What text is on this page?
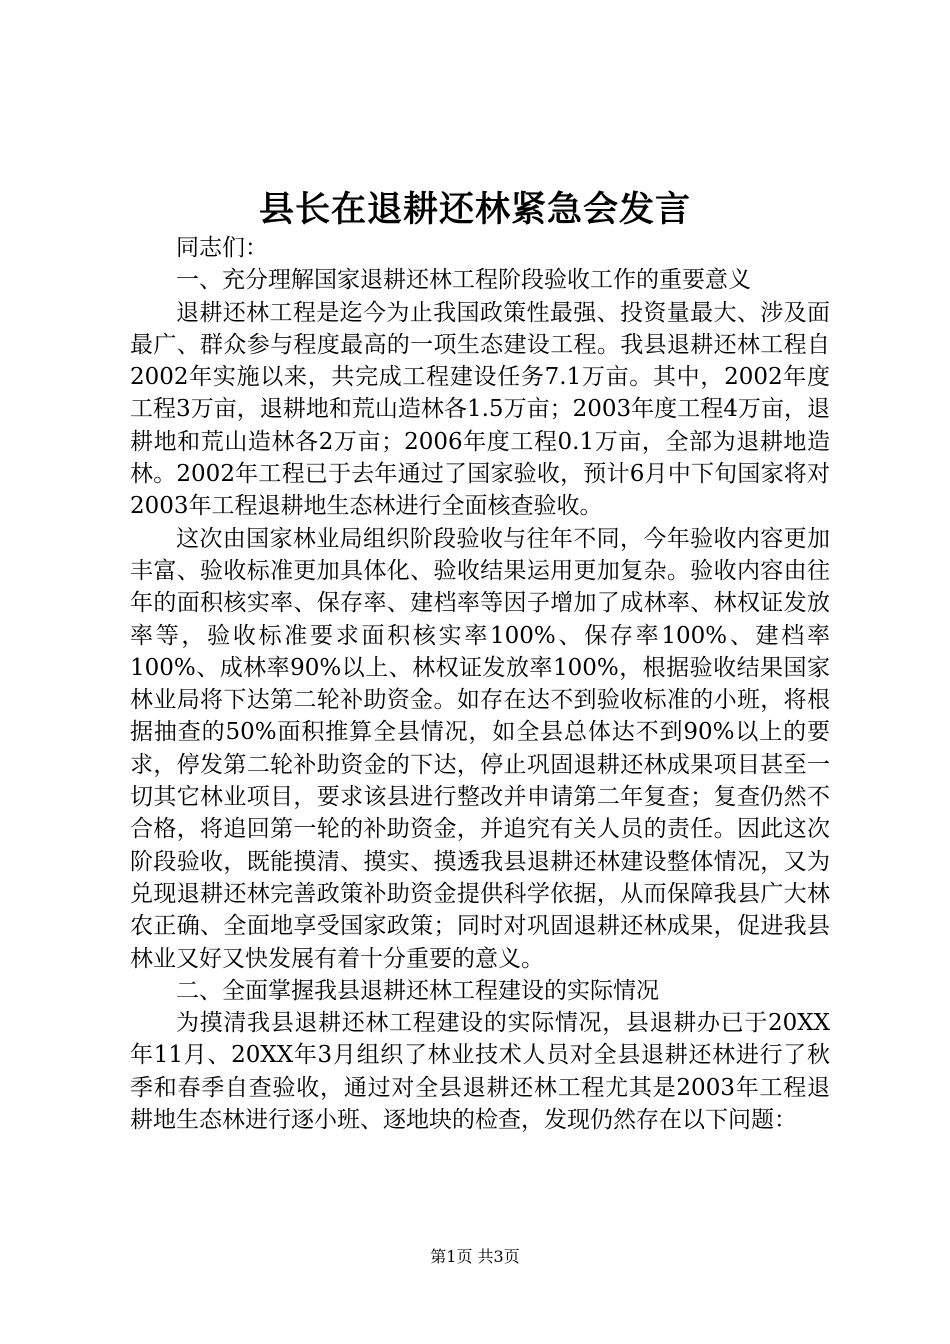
县长在退耕还林紧急会发言

同志们：

一、充分理解国家退耕还林工程阶段验收工作的重要意义

退耕还林工程是迄今为止我国政策性最强、投资量最大、涉及面最广、群众参与程度最高的一项生态建设工程。我县退耕还林工程自2002年实施以来，共完成工程建设任务7.1万亩。其中，2002年度工程3万亩，退耕地和荒山造林各1.5万亩；2003年度工程4万亩，退耕地和荒山造林各2万亩；2006年度工程0.1万亩，全部为退耕地造林。2002年工程已于去年通过了国家验收，预计6月中下旬国家将对2003年工程退耕地生态林进行全面核查验收。

这次由国家林业局组织阶段验收与往年不同，今年验收内容更加丰富、验收标准更加具体化、验收结果运用更加复杂。验收内容由往年的面积核实率、保存率、建档率等因子增加了成林率、林权证发放率等，验收标准要求面积核实率100%、保存率100%、建档率100%、成林率90%以上、林权证发放率100%，根据验收结果国家林业局将下达第二轮补助资金。如存在达不到验收标准的小班，将根据抽查的50%面积推算全县情况，如全县总体达不到90%以上的要求，停发第二轮补助资金的下达，停止巩固退耕还林成果项目甚至一切其它林业项目，要求该县进行整改并申请第二年复查；复查仍然不合格，将追回第一轮的补助资金，并追究有关人员的责任。因此这次阶段验收，既能摸清、摸实、摸透我县退耕还林建设整体情况，又为兑现退耕还林完善政策补助资金提供科学依据，从而保障我县广大林农正确、全面地享受国家政策；同时对巩固退耕还林成果，促进我县林业又好又快发展有着十分重要的意义。

二、全面掌握我县退耕还林工程建设的实际情况

为摸清我县退耕还林工程建设的实际情况，县退耕办已于20XX年11月、20XX年3月组织了林业技术人员对全县退耕还林进行了秋季和春季自查验收，通过对全县退耕还林工程尤其是2003年工程退耕地生态林进行逐小班、逐地块的检查，发现仍然存在以下问题：

第1页 共3页
